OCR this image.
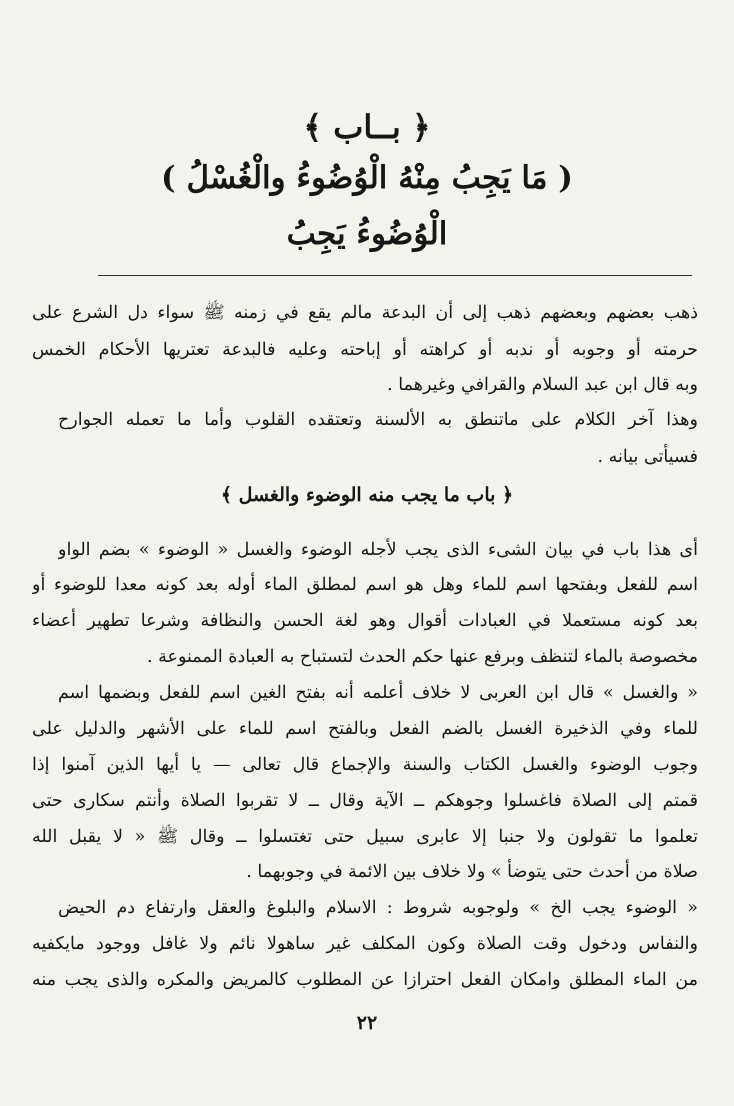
﴿ بــاب ﴾
( مَا يَجِبُ مِنْهُ الْوُضُوءُ والْغُسْلُ )
الْوُضُوءُ يَجِبُ
ذهب بعضهم وبعضهم ذهب إلى أن البدعة مالم يقع في زمنه ﷺ سواء دل الشرع على
حرمته أو وجوبه أو ندبه أو كراهته أو إباحته وعليه فالبدعة تعتريها الأحكام الخمس
وبه قال ابن عبد السلام والقرافي وغيرهما .
وهذا آخر الكلام على ماتنطق به الألسنة وتعتقده القلوب وأما ما تعمله الجوارح
فسيأتى بيانه .
﴿ باب ما يجب منه الوضوء والغسل ﴾
أى هذا باب في بيان الشىء الذى يجب لأجله الوضوء والغسل « الوضوء » بضم الواو
اسم للفعل وبفتحها اسم للماء وهل هو اسم لمطلق الماء أوله بعد كونه معدا للوضوء أو
بعد كونه مستعملا في العبادات أقوال وهو لغة الحسن والنظافة وشرعا تطهير أعضاء
مخصوصة بالماء لتنظف وبرفع عنها حكم الحدث لتستباح به العبادة الممنوعة .
« والغسل » قال ابن العربى لا خلاف أعلمه أنه بفتح الغين اسم للفعل وبضمها اسم
للماء وفي الذخيرة الغسل بالضم الفعل وبالفتح اسم للماء على الأشهر والدليل على
وجوب الوضوء والغسل الكتاب والسنة والإجماع قال تعالى — يا أيها الذين آمنوا إذا
قمتم إلى الصلاة فاغسلوا وجوهكم ــ الآية وقال ــ لا تقربوا الصلاة وأنتم سكارى حتى
تعلموا ما تقولون ولا جنبا إلا عابرى سبيل حتى تغتسلوا ــ وقال ﷺ « لا يقبل الله
صلاة من أحدث حتى يتوضأ » ولا خلاف بين الائمة في وجوبهما .
« الوضوء يجب الخ » ولوجوبه شروط : الاسلام والبلوغ والعقل وارتفاع دم الحيض
والنفاس ودخول وقت الصلاة وكون المكلف غير ساهولا نائم ولا غافل ووجود مايكفيه
من الماء المطلق وامكان الفعل احترازا عن المطلوب كالمريض والمكره والذى يجب منه
٢٢
